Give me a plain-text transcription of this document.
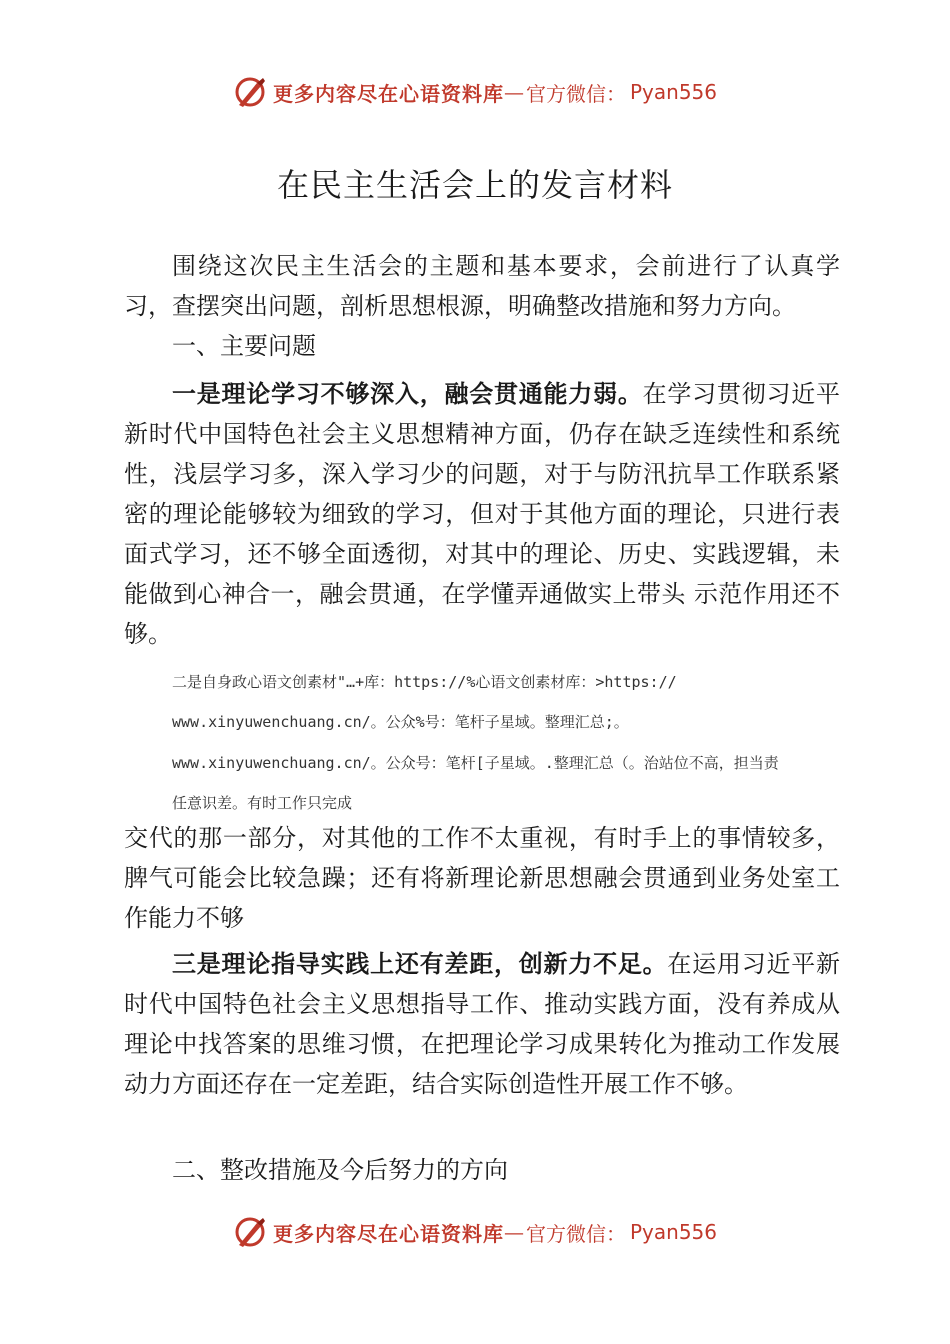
更多内容尽在心语资料库 — 官方微信： Pyan556
在民主生活会上的发言材料

围绕这次民主生活会的主题和基本要求，会前进行了认真学习，查摆突出问题，剖析思想根源，明确整改措施和努力方向。

一、主要问题

一是理论学习不够深入，融会贯通能力弱。在学习贯彻习近平新时代中国特色社会主义思想精神方面，仍存在缺乏连续性和系统性，浅层学习多，深入学习少的问题，对于与防汛抗旱工作联系紧密的理论能够较为细致的学习，但对于其他方面的理论，只进行表面式学习，还不够全面透彻，对其中的理论、历史、实践逻辑，未能做到心神合一，融会贯通，在学懂弄通做实上带头 示范作用还不够。

二是自身政心语文创素材"…+库：https://%心语文创素材库：>https://

www.xinyuwenchuang.cn/。公众%号：笔杆子星域。整理汇总;。

www.xinyuwenchuang.cn/。公众号：笔杆[子星域。.整理汇总（。治站位不高，担当责

任意识差。有时工作只完成

交代的那一部分，对其他的工作不太重视，有时手上的事情较多，脾气可能会比较急躁；还有将新理论新思想融会贯通到业务处室工作能力不够

三是理论指导实践上还有差距，创新力不足。在运用习近平新时代中国特色社会主义思想指导工作、推动实践方面，没有养成从理论中找答案的思维习惯，在把理论学习成果转化为推动工作发展动力方面还存在一定差距，结合实际创造性开展工作不够。

二、整改措施及今后努力的方向

更多内容尽在心语资料库 — 官方微信： Pyan556
